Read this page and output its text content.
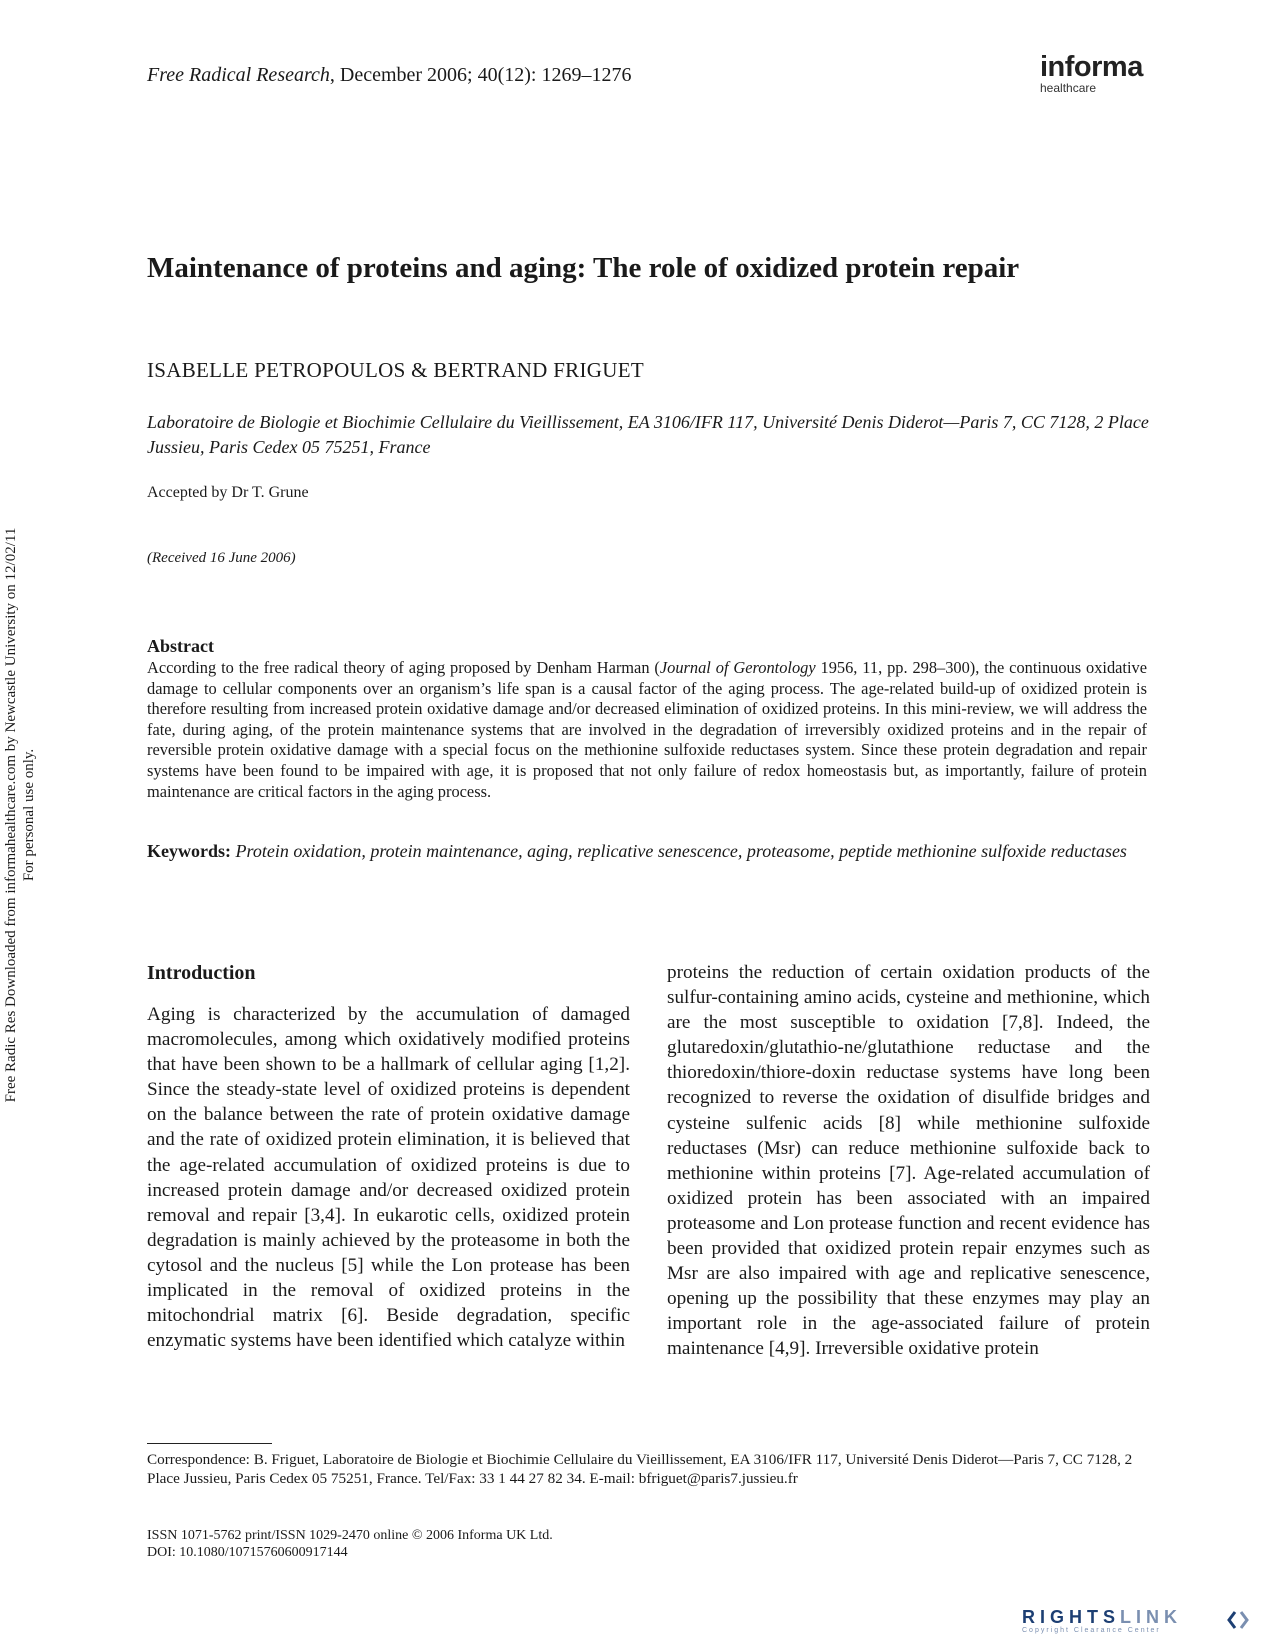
Free Radical Research, December 2006; 40(12): 1269–1276	informa
healthcare
Maintenance of proteins and aging: The role of oxidized protein repair
ISABELLE PETROPOULOS & BERTRAND FRIGUET
Laboratoire de Biologie et Biochimie Cellulaire du Vieillissement, EA 3106/IFR 117, Université Denis Diderot—Paris 7, CC 7128, 2 Place Jussieu, Paris Cedex 05 75251, France
Accepted by Dr T. Grune
(Received 16 June 2006)
Abstract
According to the free radical theory of aging proposed by Denham Harman (Journal of Gerontology 1956, 11, pp. 298–300), the continuous oxidative damage to cellular components over an organism’s life span is a causal factor of the aging process. The age-related build-up of oxidized protein is therefore resulting from increased protein oxidative damage and/or decreased elimination of oxidized proteins. In this mini-review, we will address the fate, during aging, of the protein maintenance systems that are involved in the degradation of irreversibly oxidized proteins and in the repair of reversible protein oxidative damage with a special focus on the methionine sulfoxide reductases system. Since these protein degradation and repair systems have been found to be impaired with age, it is proposed that not only failure of redox homeostasis but, as importantly, failure of protein maintenance are critical factors in the aging process.
Keywords: Protein oxidation, protein maintenance, aging, replicative senescence, proteasome, peptide methionine sulfoxide reductases
Introduction
Aging is characterized by the accumulation of damaged macromolecules, among which oxidatively modified proteins that have been shown to be a hallmark of cellular aging [1,2]. Since the steady-state level of oxidized proteins is dependent on the balance between the rate of protein oxidative damage and the rate of oxidized protein elimination, it is believed that the age-related accumulation of oxidized proteins is due to increased protein damage and/or decreased oxidized protein removal and repair [3,4]. In eukarotic cells, oxidized protein degradation is mainly achieved by the proteasome in both the cytosol and the nucleus [5] while the Lon protease has been implicated in the removal of oxidized proteins in the mitochondrial matrix [6]. Beside degradation, specific enzymatic systems have been identified which catalyze within
proteins the reduction of certain oxidation products of the sulfur-containing amino acids, cysteine and methionine, which are the most susceptible to oxidation [7,8]. Indeed, the glutaredoxin/glutathio-ne/glutathione reductase and the thioredoxin/thiore-doxin reductase systems have long been recognized to reverse the oxidation of disulfide bridges and cysteine sulfenic acids [8] while methionine sulfoxide reductases (Msr) can reduce methionine sulfoxide back to methionine within proteins [7]. Age-related accumulation of oxidized protein has been associated with an impaired proteasome and Lon protease function and recent evidence has been provided that oxidized protein repair enzymes such as Msr are also impaired with age and replicative senescence, opening up the possibility that these enzymes may play an important role in the age-associated failure of protein maintenance [4,9]. Irreversible oxidative protein
Correspondence: B. Friguet, Laboratoire de Biologie et Biochimie Cellulaire du Vieillissement, EA 3106/IFR 117, Université Denis Diderot—Paris 7, CC 7128, 2 Place Jussieu, Paris Cedex 05 75251, France. Tel/Fax: 33 1 44 27 82 34. E-mail: bfriguet@paris7.jussieu.fr
ISSN 1071-5762 print/ISSN 1029-2470 online © 2006 Informa UK Ltd.
DOI: 10.1080/10715760600917144
Free Radic Res Downloaded from informahealthcare.com by Newcastle University on 12/02/11 For personal use only.
RIGHTSLINK
Copyright Clearance Center
